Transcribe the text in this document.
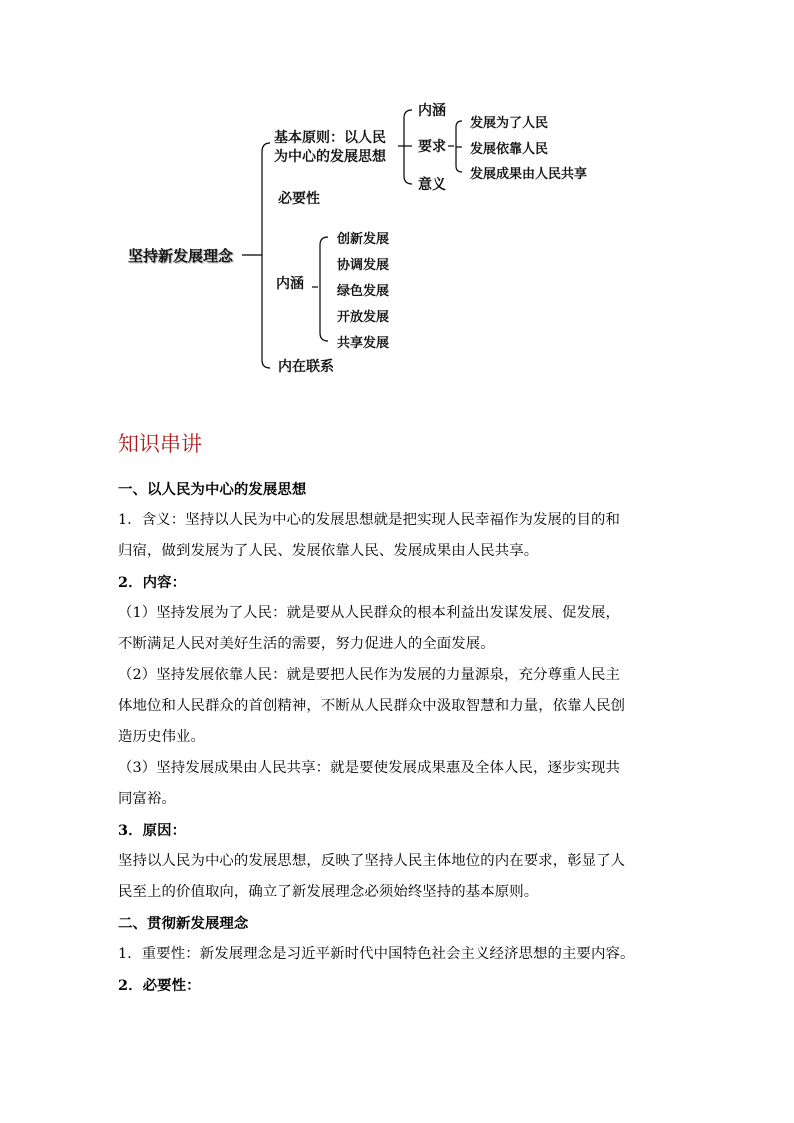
坚持新发展理念
基本原则：以人民
为中心的发展思想
内涵
要求
意义
发展为了人民
发展依靠人民
发展成果由人民共享
必要性
内涵
创新发展
协调发展
绿色发展
开放发展
共享发展
内在联系
知识串讲
一、以人民为中心的发展思想
1．含义：坚持以人民为中心的发展思想就是把实现人民幸福作为发展的目的和
归宿，做到发展为了人民、发展依靠人民、发展成果由人民共享。
2．内容：
（1）坚持发展为了人民：就是要从人民群众的根本利益出发谋发展、促发展，
不断满足人民对美好生活的需要，努力促进人的全面发展。
（2）坚持发展依靠人民：就是要把人民作为发展的力量源泉，充分尊重人民主
体地位和人民群众的首创精神，不断从人民群众中汲取智慧和力量，依靠人民创
造历史伟业。
（3）坚持发展成果由人民共享：就是要使发展成果惠及全体人民，逐步实现共
同富裕。
3．原因：
坚持以人民为中心的发展思想，反映了坚持人民主体地位的内在要求，彰显了人
民至上的价值取向，确立了新发展理念必须始终坚持的基本原则。
二、贯彻新发展理念
1．重要性：新发展理念是习近平新时代中国特色社会主义经济思想的主要内容。
2．必要性：
